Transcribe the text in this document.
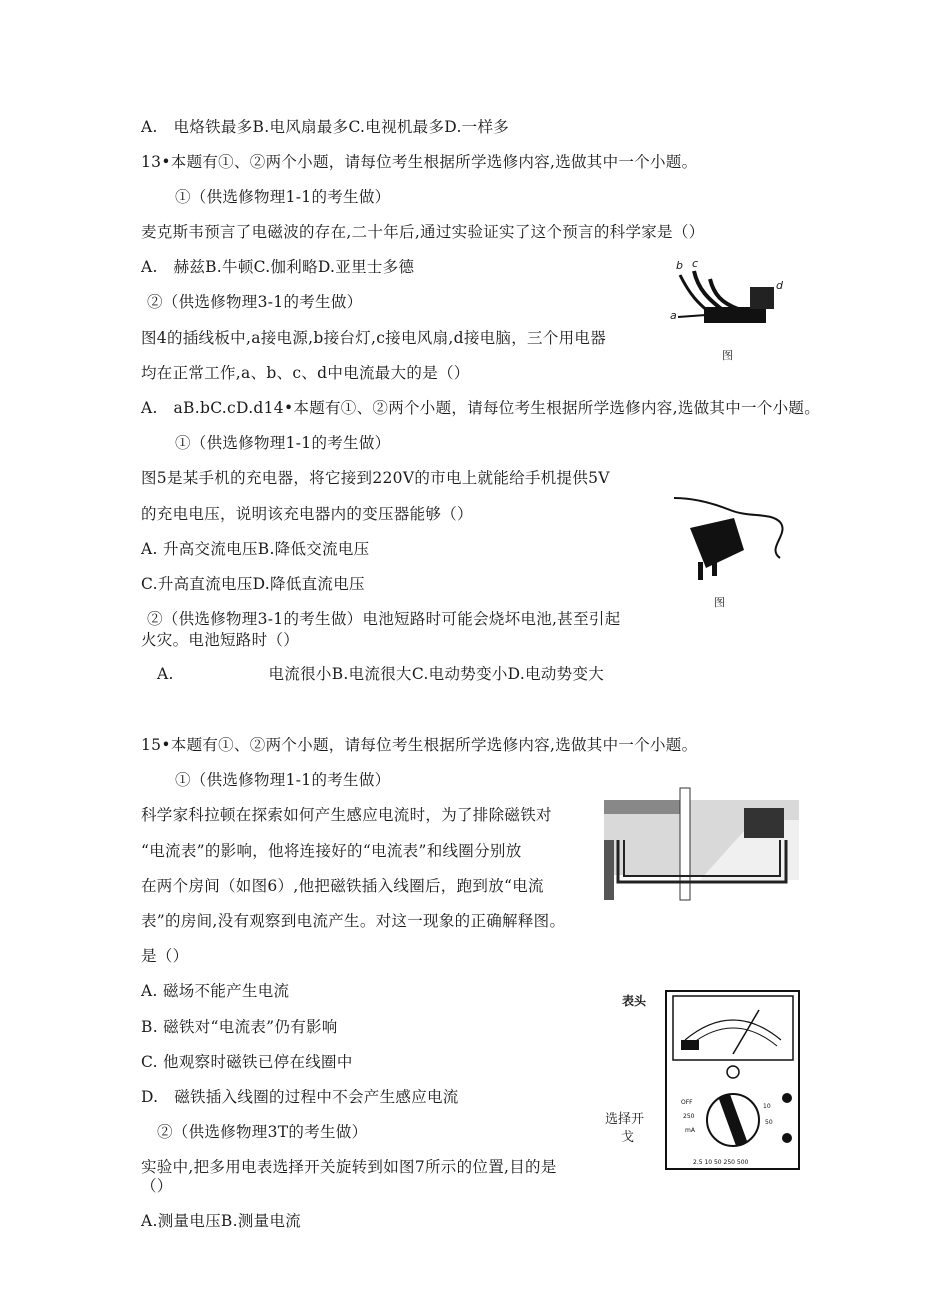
A.　电烙铁最多B.电风扇最多C.电视机最多D.一样多
13•本题有①、②两个小题，请每位考生根据所学选修内容,选做其中一个小题。
①（供选修物理1-1的考生做）
麦克斯韦预言了电磁波的存在,二十年后,通过实验证实了这个预言的科学家是（）
A.　赫兹B.牛顿C.伽利略D.亚里士多德
②（供选修物理3-1的考生做）
图4的插线板中,a接电源,b接台灯,c接电风扇,d接电脑，三个用电器
均在正常工作,a、b、c、d中电流最大的是（）
A.　aB.bC.cD.d14•本题有①、②两个小题，请每位考生根据所学选修内容,选做其中一个小题。
①（供选修物理1-1的考生做）
图5是某手机的充电器，将它接到220V的市电上就能给手机提供5V
的充电电压，说明该充电器内的变压器能够（）
A. 升高交流电压B.降低交流电压
C.升高直流电压D.降低直流电压
②（供选修物理3-1的考生做）电池短路时可能会烧坏电池,甚至引起
火灾。电池短路时（）
A.　　　　　　电流很小B.电流很大C.电动势变小D.电动势变大
15•本题有①、②两个小题，请每位考生根据所学选修内容,选做其中一个小题。
①（供选修物理1-1的考生做）
科学家科拉顿在探索如何产生感应电流时，为了排除磁铁对
“电流表”的影响，他将连接好的“电流表”和线圈分别放
在两个房间（如图6）,他把磁铁插入线圈后，跑到放“电流
表”的房间,没有观察到电流产生。对这一现象的正确解释图。
是（）
A. 磁场不能产生电流
B. 磁铁对“电流表”仍有影响
C. 他观察时磁铁已停在线圈中
D.　磁铁插入线圈的过程中不会产生感应电流
②（供选修物理3T的考生做）
实验中,把多用电表选择开关旋转到如图7所示的位置,目的是
（）
A.测量电压B.测量电流
b c
d
a
图
图
OFF
250
mA
10
50
2.5 10 50 250 500
表头
选择开
戈
